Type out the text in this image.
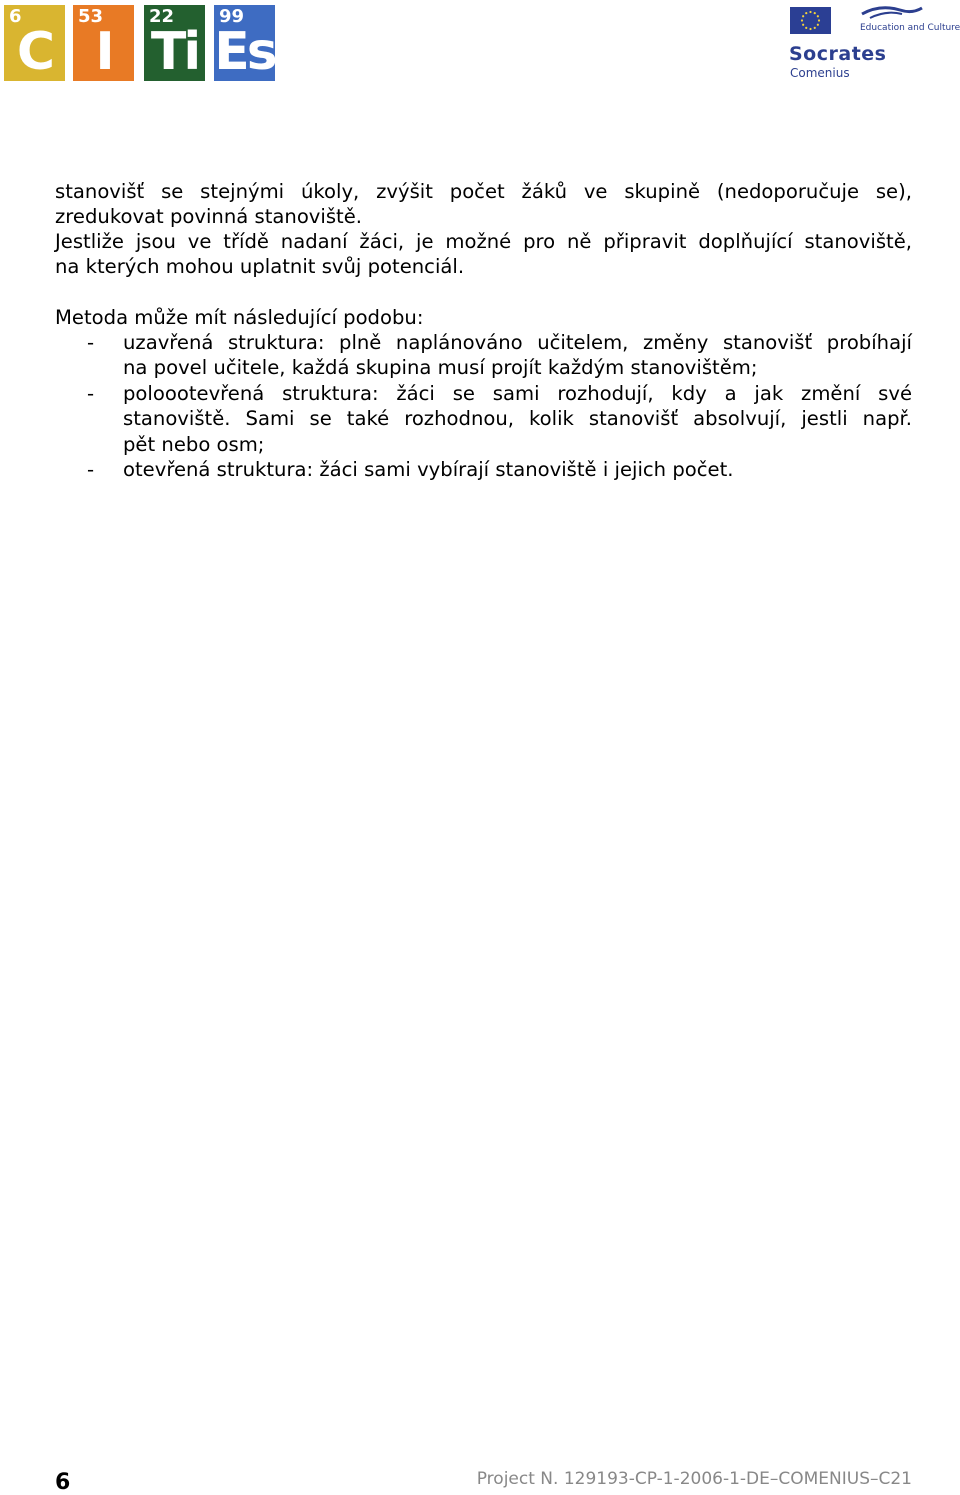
6
C
53
I
22
Ti
99
Es	Education and Culture
Socrates
Comenius
stanovišť se stejnými úkoly, zvýšit počet žáků ve skupině (nedoporučuje se),
zredukovat povinná stanoviště.
Jestliže jsou ve třídě nadaní žáci, je možné pro ně připravit doplňující stanoviště,
na kterých mohou uplatnit svůj potenciál.
Metoda může mít následující podobu:
- uzavřená struktura: plně naplánováno učitelem, změny stanovišť probíhají
na povel učitele, každá skupina musí projít každým stanovištěm;
- poloootevřená struktura: žáci se sami rozhodují, kdy a jak změní své
stanoviště. Sami se také rozhodnou, kolik stanovišť absolvují, jestli např.
pět nebo osm;
- otevřená struktura: žáci sami vybírají stanoviště i jejich počet.
6	Project N. 129193-CP-1-2006-1-DE–COMENIUS–C21
